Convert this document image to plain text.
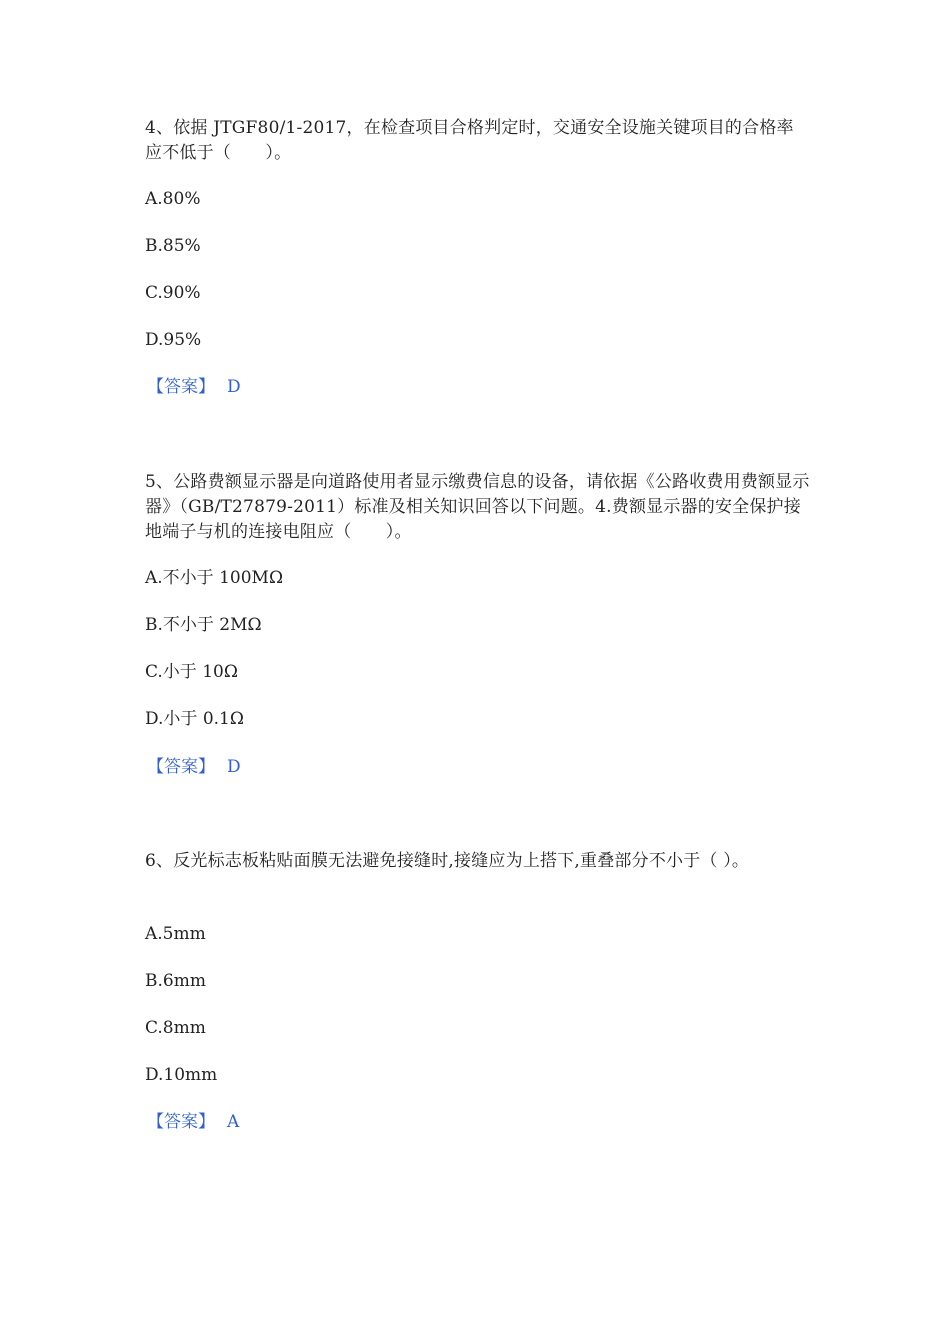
4、依据 JTGF80/1-2017，在检查项目合格判定时，交通安全设施关键项目的合格率应不低于（　　）。

A.80%
B.85%
C.90%
D.95%
【答案】 D

5、公路费额显示器是向道路使用者显示缴费信息的设备，请依据《公路收费用费额显示器》（GB/T27879-2011）标准及相关知识回答以下问题。4.费额显示器的安全保护接地端子与机的连接电阻应（　　）。

A.不小于 100MΩ
B.不小于 2MΩ
C.小于 10Ω
D.小于 0.1Ω
【答案】 D

6、反光标志板粘贴面膜无法避免接缝时,接缝应为上搭下,重叠部分不小于（ ）。

A.5mm
B.6mm
C.8mm
D.10mm
【答案】 A
